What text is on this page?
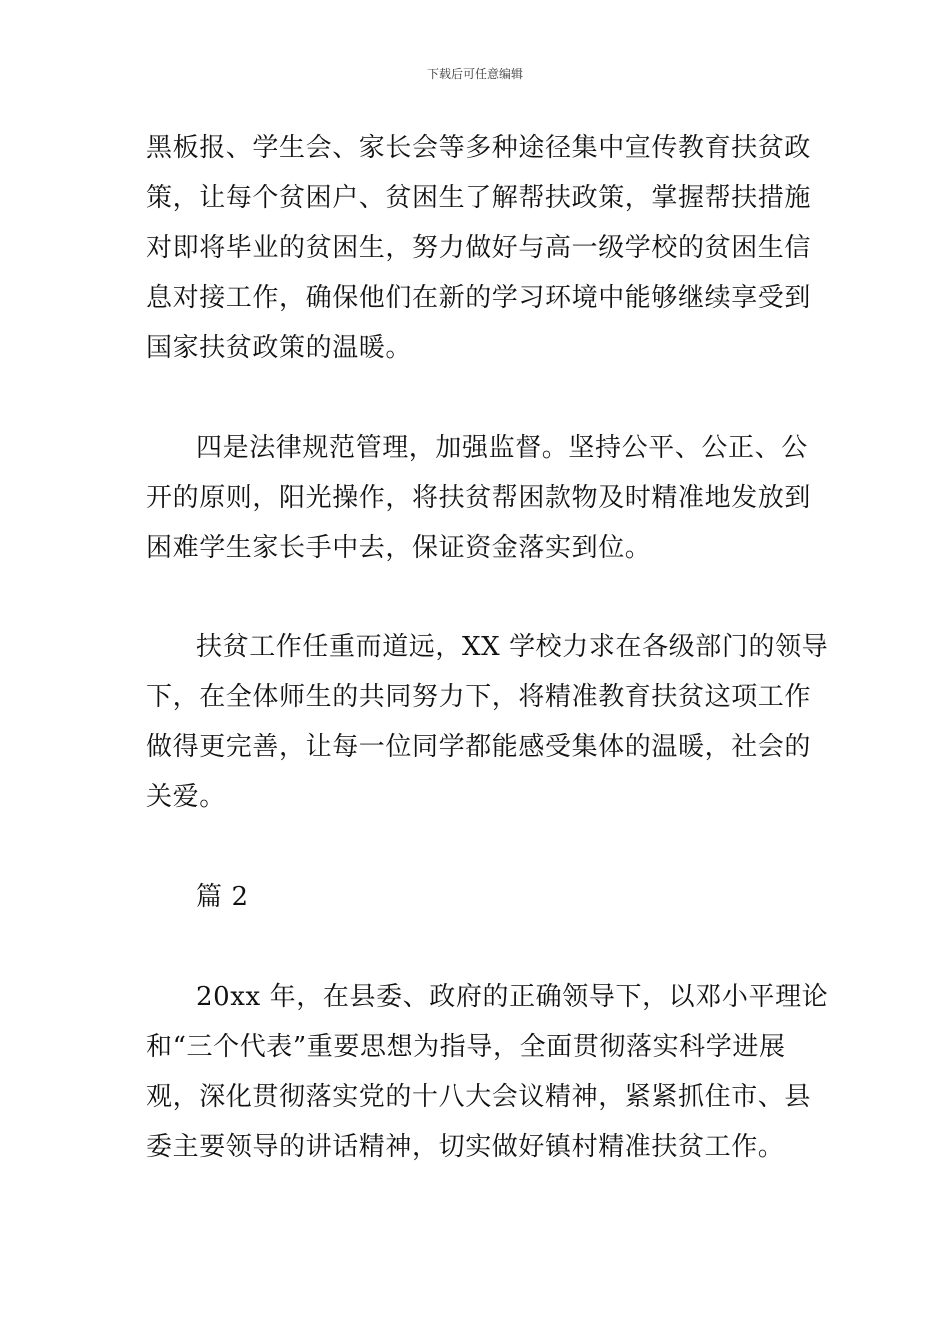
下载后可任意编辑
黑板报、学生会、家长会等多种途径集中宣传教育扶贫政
策，让每个贫困户、贫困生了解帮扶政策，掌握帮扶措施
对即将毕业的贫困生，努力做好与高一级学校的贫困生信
息对接工作，确保他们在新的学习环境中能够继续享受到
国家扶贫政策的温暖。
四是法律规范管理，加强监督。坚持公平、公正、公
开的原则，阳光操作，将扶贫帮困款物及时精准地发放到
困难学生家长手中去，保证资金落实到位。
扶贫工作任重而道远，XX 学校力求在各级部门的领导
下，在全体师生的共同努力下，将精准教育扶贫这项工作
做得更完善，让每一位同学都能感受集体的温暖，社会的
关爱。
篇 2
20xx 年，在县委、政府的正确领导下，以邓小平理论
和“三个代表”重要思想为指导，全面贯彻落实科学进展
观，深化贯彻落实党的十八大会议精神，紧紧抓住市、县
委主要领导的讲话精神，切实做好镇村精准扶贫工作。
